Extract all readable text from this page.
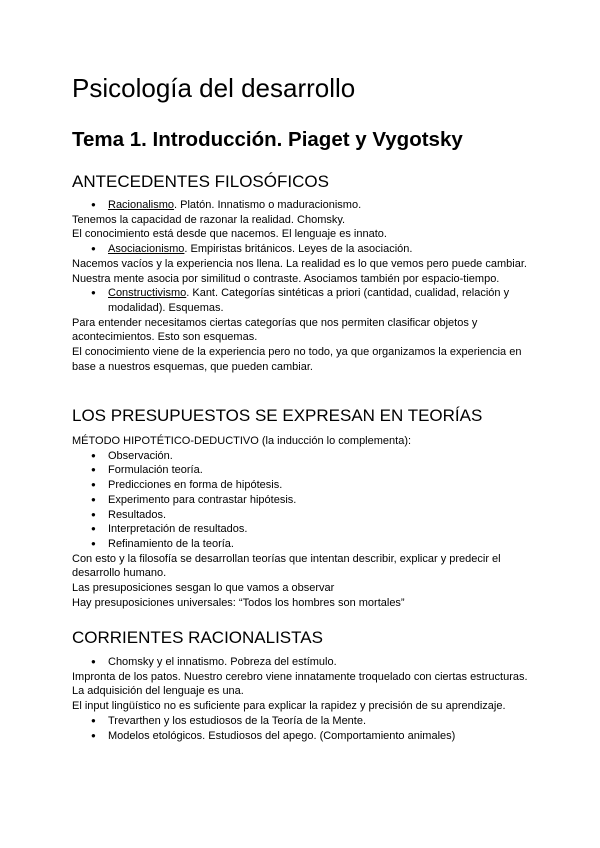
Psicología del desarrollo
Tema 1. Introducción. Piaget y Vygotsky
ANTECEDENTES FILOSÓFICOS
● Racionalismo. Platón. Innatismo o maduracionismo.

Tenemos la capacidad de razonar la realidad. Chomsky.

El conocimiento está desde que nacemos. El lenguaje es innato.

● Asociacionismo. Empiristas británicos. Leyes de la asociación.

Nacemos vacíos y la experiencia nos llena. La realidad es lo que vemos pero puede cambiar.

Nuestra mente asocia por similitud o contraste. Asociamos también por espacio-tiempo.

● Constructivismo. Kant. Categorías sintéticas a priori (cantidad, cualidad, relación y modalidad). Esquemas.

Para entender necesitamos ciertas categorías que nos permiten clasificar objetos y acontecimientos. Esto son esquemas.

El conocimiento viene de la experiencia pero no todo, ya que organizamos la experiencia en base a nuestros esquemas, que pueden cambiar.

LOS PRESUPUESTOS SE EXPRESAN EN TEORÍAS

MÉTODO HIPOTÉTICO-DEDUCTIVO (la inducción lo complementa):

● Observación.
● Formulación teoría.
● Predicciones en forma de hipótesis.
● Experimento para contrastar hipótesis.
● Resultados.
● Interpretación de resultados.
● Refinamiento de la teoría.

Con esto y la filosofía se desarrollan teorías que intentan describir, explicar y predecir el desarrollo humano.

Las presuposiciones sesgan lo que vamos a observar

Hay presuposiciones universales: “Todos los hombres son mortales”

CORRIENTES RACIONALISTAS
● Chomsky y el innatismo. Pobreza del estímulo.

Impronta de los patos. Nuestro cerebro viene innatamente troquelado con ciertas estructuras. La adquisición del lenguaje es una.

El input lingüístico no es suficiente para explicar la rapidez y precisión de su aprendizaje.

● Trevarthen y los estudiosos de la Teoría de la Mente.
● Modelos etológicos. Estudiosos del apego. (Comportamiento animales)
